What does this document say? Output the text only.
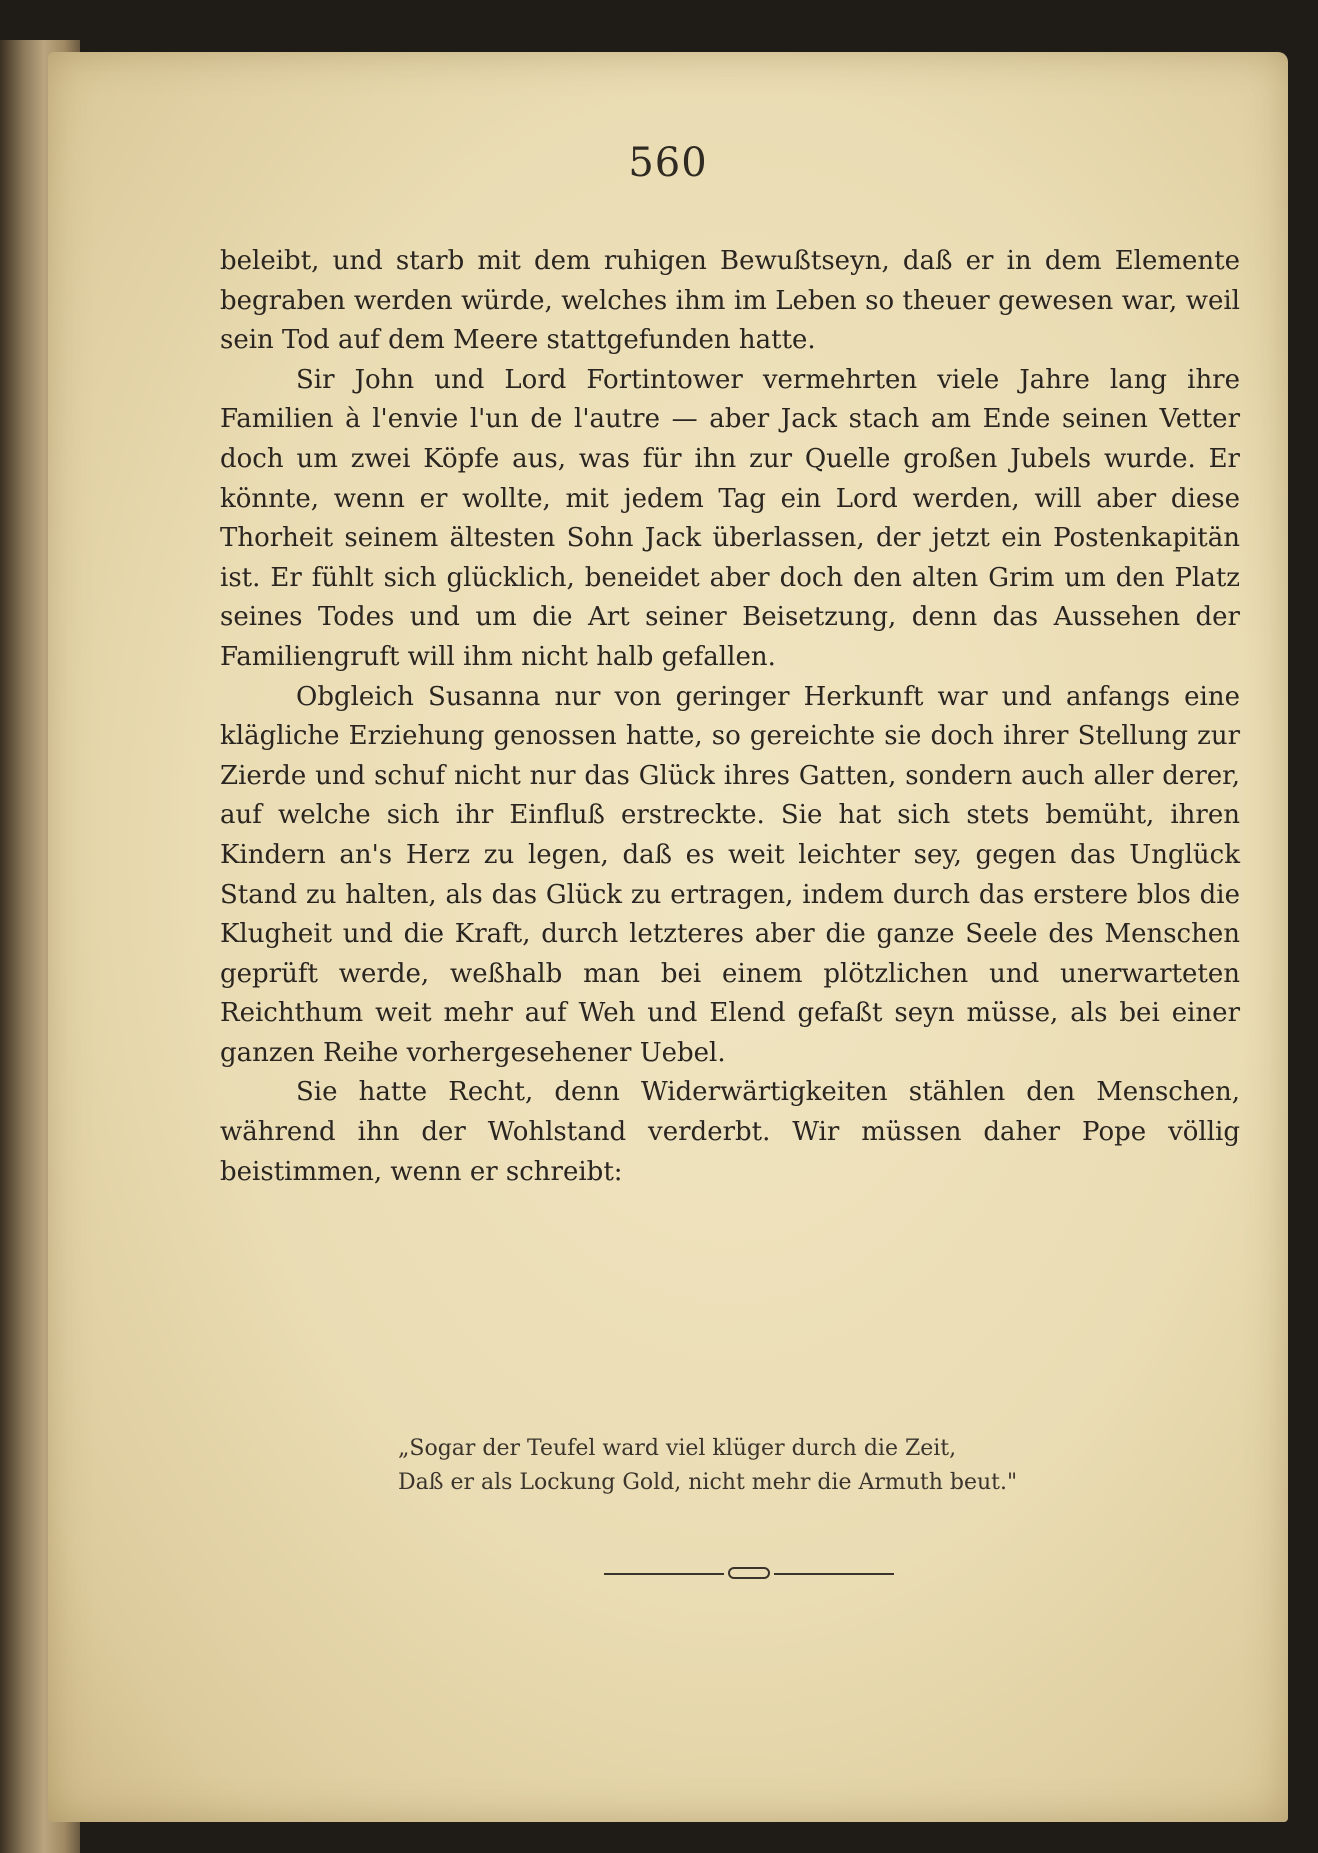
560

beleibt, und starb mit dem ruhigen Bewußtseyn, daß er in dem Elemente begraben werden würde, welches ihm im Leben so theuer gewesen war, weil sein Tod auf dem Meere stattgefunden hatte.

Sir John und Lord Fortintower vermehrten viele Jahre lang ihre Familien à l'envie l'un de l'autre — aber Jack stach am Ende seinen Vetter doch um zwei Köpfe aus, was für ihn zur Quelle großen Jubels wurde. Er könnte, wenn er wollte, mit jedem Tag ein Lord werden, will aber diese Thorheit seinem ältesten Sohn Jack überlassen, der jetzt ein Postenkapitän ist. Er fühlt sich glücklich, beneidet aber doch den alten Grim um den Platz seines Todes und um die Art seiner Beisetzung, denn das Aussehen der Familiengruft will ihm nicht halb gefallen.

Obgleich Susanna nur von geringer Herkunft war und anfangs eine klägliche Erziehung genossen hatte, so gereichte sie doch ihrer Stellung zur Zierde und schuf nicht nur das Glück ihres Gatten, sondern auch aller derer, auf welche sich ihr Einfluß erstreckte. Sie hat sich stets bemüht, ihren Kindern an's Herz zu legen, daß es weit leichter sey, gegen das Unglück Stand zu halten, als das Glück zu ertragen, indem durch das erstere blos die Klugheit und die Kraft, durch letzteres aber die ganze Seele des Menschen geprüft werde, weßhalb man bei einem plötzlichen und unerwarteten Reichthum weit mehr auf Weh und Elend gefaßt seyn müsse, als bei einer ganzen Reihe vorhergesehener Uebel.

Sie hatte Recht, denn Widerwärtigkeiten stählen den Menschen, während ihn der Wohlstand verderbt. Wir müssen daher Pope völlig beistimmen, wenn er schreibt:

„Sogar der Teufel ward viel klüger durch die Zeit,
Daß er als Lockung Gold, nicht mehr die Armuth beut."
